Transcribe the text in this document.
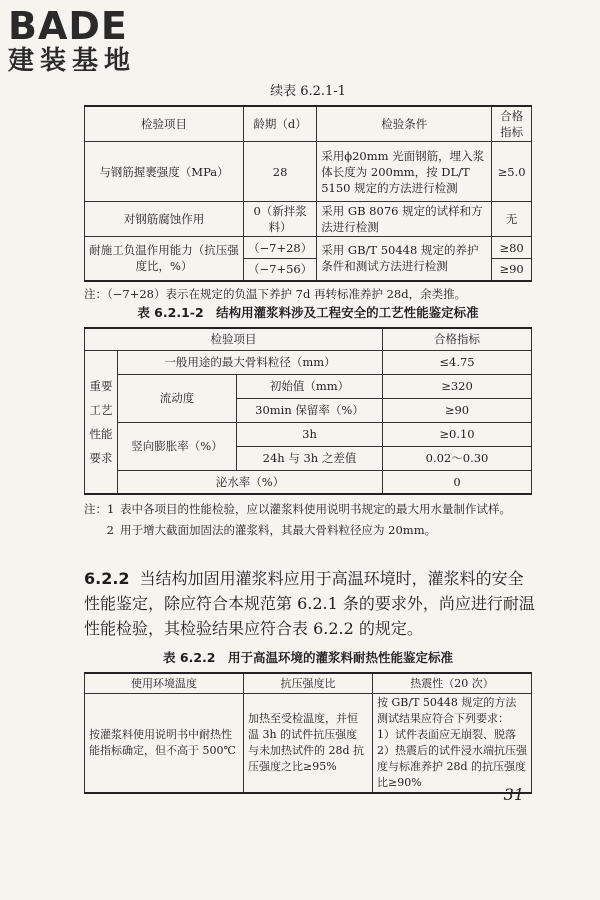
BADE
建装基地
续表 6.2.1-1
检验项目	龄期（d）	检验条件	合格指标
与钢筋握裹强度（MPa）	28	采用ϕ20mm 光面钢筋，埋入浆体长度为 200mm，按 DL/T 5150 规定的方法进行检测	≥5.0
对钢筋腐蚀作用	0（新拌浆料）	采用 GB 8076 规定的试样和方法进行检测	无
耐施工负温作用能力（抗压强度比，%）	（−7+28）	采用 GB/T 50448 规定的养护条件和测试方法进行检测	≥80
	（−7+56）		≥90
注：（−7+28）表示在规定的负温下养护 7d 再转标准养护 28d，余类推。
表 6.2.1-2　结构用灌浆料涉及工程安全的工艺性能鉴定标准
检验项目			合格指标
重要工艺性能要求	一般用途的最大骨料粒径（mm）		≤4.75
	流动度	初始值（mm）	≥320
		30min 保留率（%）	≥90
	竖向膨胀率（%）	3h	≥0.10
		24h 与 3h 之差值	0.02～0.30
	泌水率（%）		0
注：1 表中各项目的性能检验，应以灌浆料使用说明书规定的最大用水量制作试样。
2 用于增大截面加固法的灌浆料，其最大骨料粒径应为 20mm。
6.2.2 当结构加固用灌浆料应用于高温环境时，灌浆料的安全性能鉴定，除应符合本规范第 6.2.1 条的要求外，尚应进行耐温性能检验，其检验结果应符合表 6.2.2 的规定。
表 6.2.2　用于高温环境的灌浆料耐热性能鉴定标准
使用环境温度	抗压强度比	热震性（20 次）
按灌浆料使用说明书中耐热性能指标确定，但不高于 500℃	加热至受检温度，并恒温 3h 的试件抗压强度与未加热试件的 28d 抗压强度之比≥95%	按 GB/T 50448 规定的方法测试结果应符合下列要求：
1）试件表面应无崩裂、脱落
2）热震后的试件浸水端抗压强度与标准养护 28d 的抗压强度比≥90%
31
